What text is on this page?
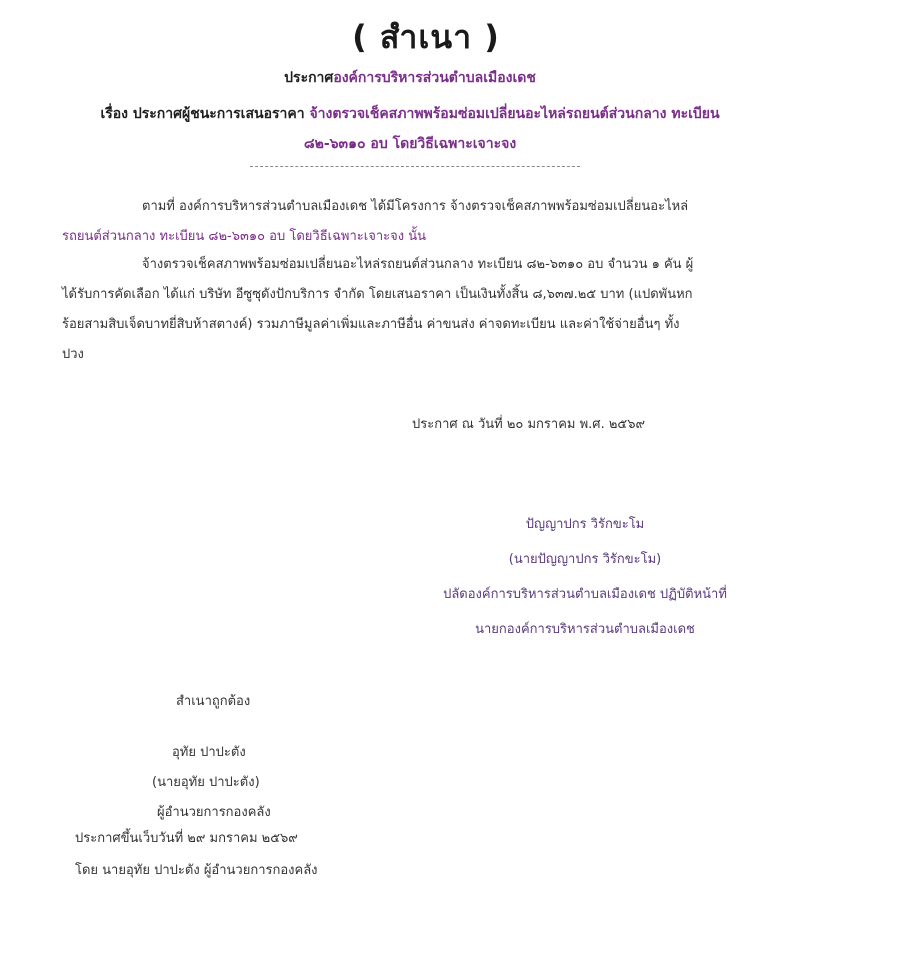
( สำเนา )
ประกาศองค์การบริหารส่วนตำบลเมืองเดช
เรื่อง ประกาศผู้ชนะการเสนอราคา จ้างตรวจเช็คสภาพพร้อมซ่อมเปลี่ยนอะไหล่รถยนต์ส่วนกลาง ทะเบียน
๘๒-๖๓๑๐ อบ โดยวิธีเฉพาะเจาะจง
ตามที่ องค์การบริหารส่วนตำบลเมืองเดช ได้มีโครงการ จ้างตรวจเช็คสภาพพร้อมซ่อมเปลี่ยนอะไหล่
รถยนต์ส่วนกลาง ทะเบียน ๘๒-๖๓๑๐ อบ โดยวิธีเฉพาะเจาะจง นั้น
จ้างตรวจเช็คสภาพพร้อมซ่อมเปลี่ยนอะไหล่รถยนต์ส่วนกลาง ทะเบียน ๘๒-๖๓๑๐ อบ จำนวน ๑ คัน ผู้
ได้รับการคัดเลือก ได้แก่ บริษัท อีซูซุดังปักบริการ จำกัด โดยเสนอราคา เป็นเงินทั้งสิ้น ๘,๖๓๗.๒๕ บาท (แปดพันหก
ร้อยสามสิบเจ็ดบาทยี่สิบห้าสตางค์) รวมภาษีมูลค่าเพิ่มและภาษีอื่น ค่าขนส่ง ค่าจดทะเบียน และค่าใช้จ่ายอื่นๆ ทั้ง
ปวง
ประกาศ ณ วันที่ ๒๐ มกราคม พ.ศ. ๒๕๖๙
ปัญญาปกร วิรักขะโม
(นายปัญญาปกร วิรักขะโม)
ปลัดองค์การบริหารส่วนตำบลเมืองเดช ปฏิบัติหน้าที่
นายกองค์การบริหารส่วนตำบลเมืองเดช
สำเนาถูกต้อง
อุทัย ปาปะตัง
(นายอุทัย ปาปะตัง)
ผู้อำนวยการกองคลัง
ประกาศขึ้นเว็บวันที่ ๒๙ มกราคม ๒๕๖๙
โดย นายอุทัย ปาปะตัง ผู้อำนวยการกองคลัง
